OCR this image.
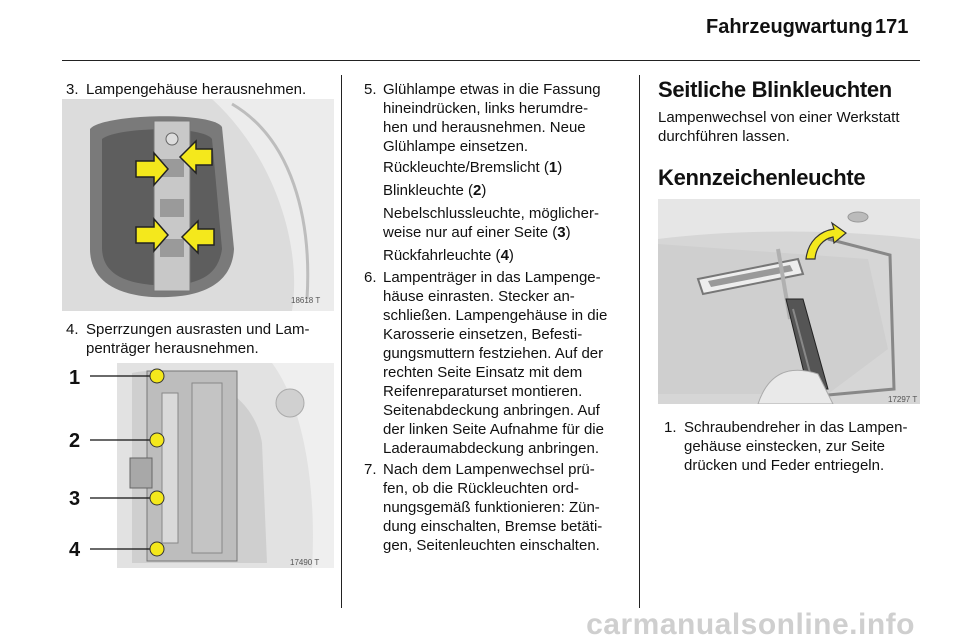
Fahrzeugwartung 171
3. Lampengehäuse herausnehmen.
18618 T
4. Sperrzungen ausrasten und Lam-
penträger herausnehmen.
1
2
3
4
17490 T
5. Glühlampe etwas in die Fassung
hineindrücken, links herumdre-
hen und herausnehmen. Neue
Glühlampe einsetzen.
Rückleuchte/Bremslicht (1)
Blinkleuchte (2)
Nebelschlussleuchte, möglicher-
weise nur auf einer Seite (3)
Rückfahrleuchte (4)
6. Lampenträger in das Lampenge-
häuse einrasten. Stecker an-
schließen. Lampengehäuse in die
Karosserie einsetzen, Befesti-
gungsmuttern festziehen. Auf der
rechten Seite Einsatz mit dem
Reifenreparaturset montieren.
Seitenabdeckung anbringen. Auf
der linken Seite Aufnahme für die
Laderaumabdeckung anbringen.
7. Nach dem Lampenwechsel prü-
fen, ob die Rückleuchten ord-
nungsgemäß funktionieren: Zün-
dung einschalten, Bremse betäti-
gen, Seitenleuchten einschalten.
Seitliche Blinkleuchten
Lampenwechsel von einer Werkstatt
durchführen lassen.
Kennzeichenleuchte
17297 T
1. Schraubendreher in das Lampen-
gehäuse einstecken, zur Seite
drücken und Feder entriegeln.
carmanualsonline.info
